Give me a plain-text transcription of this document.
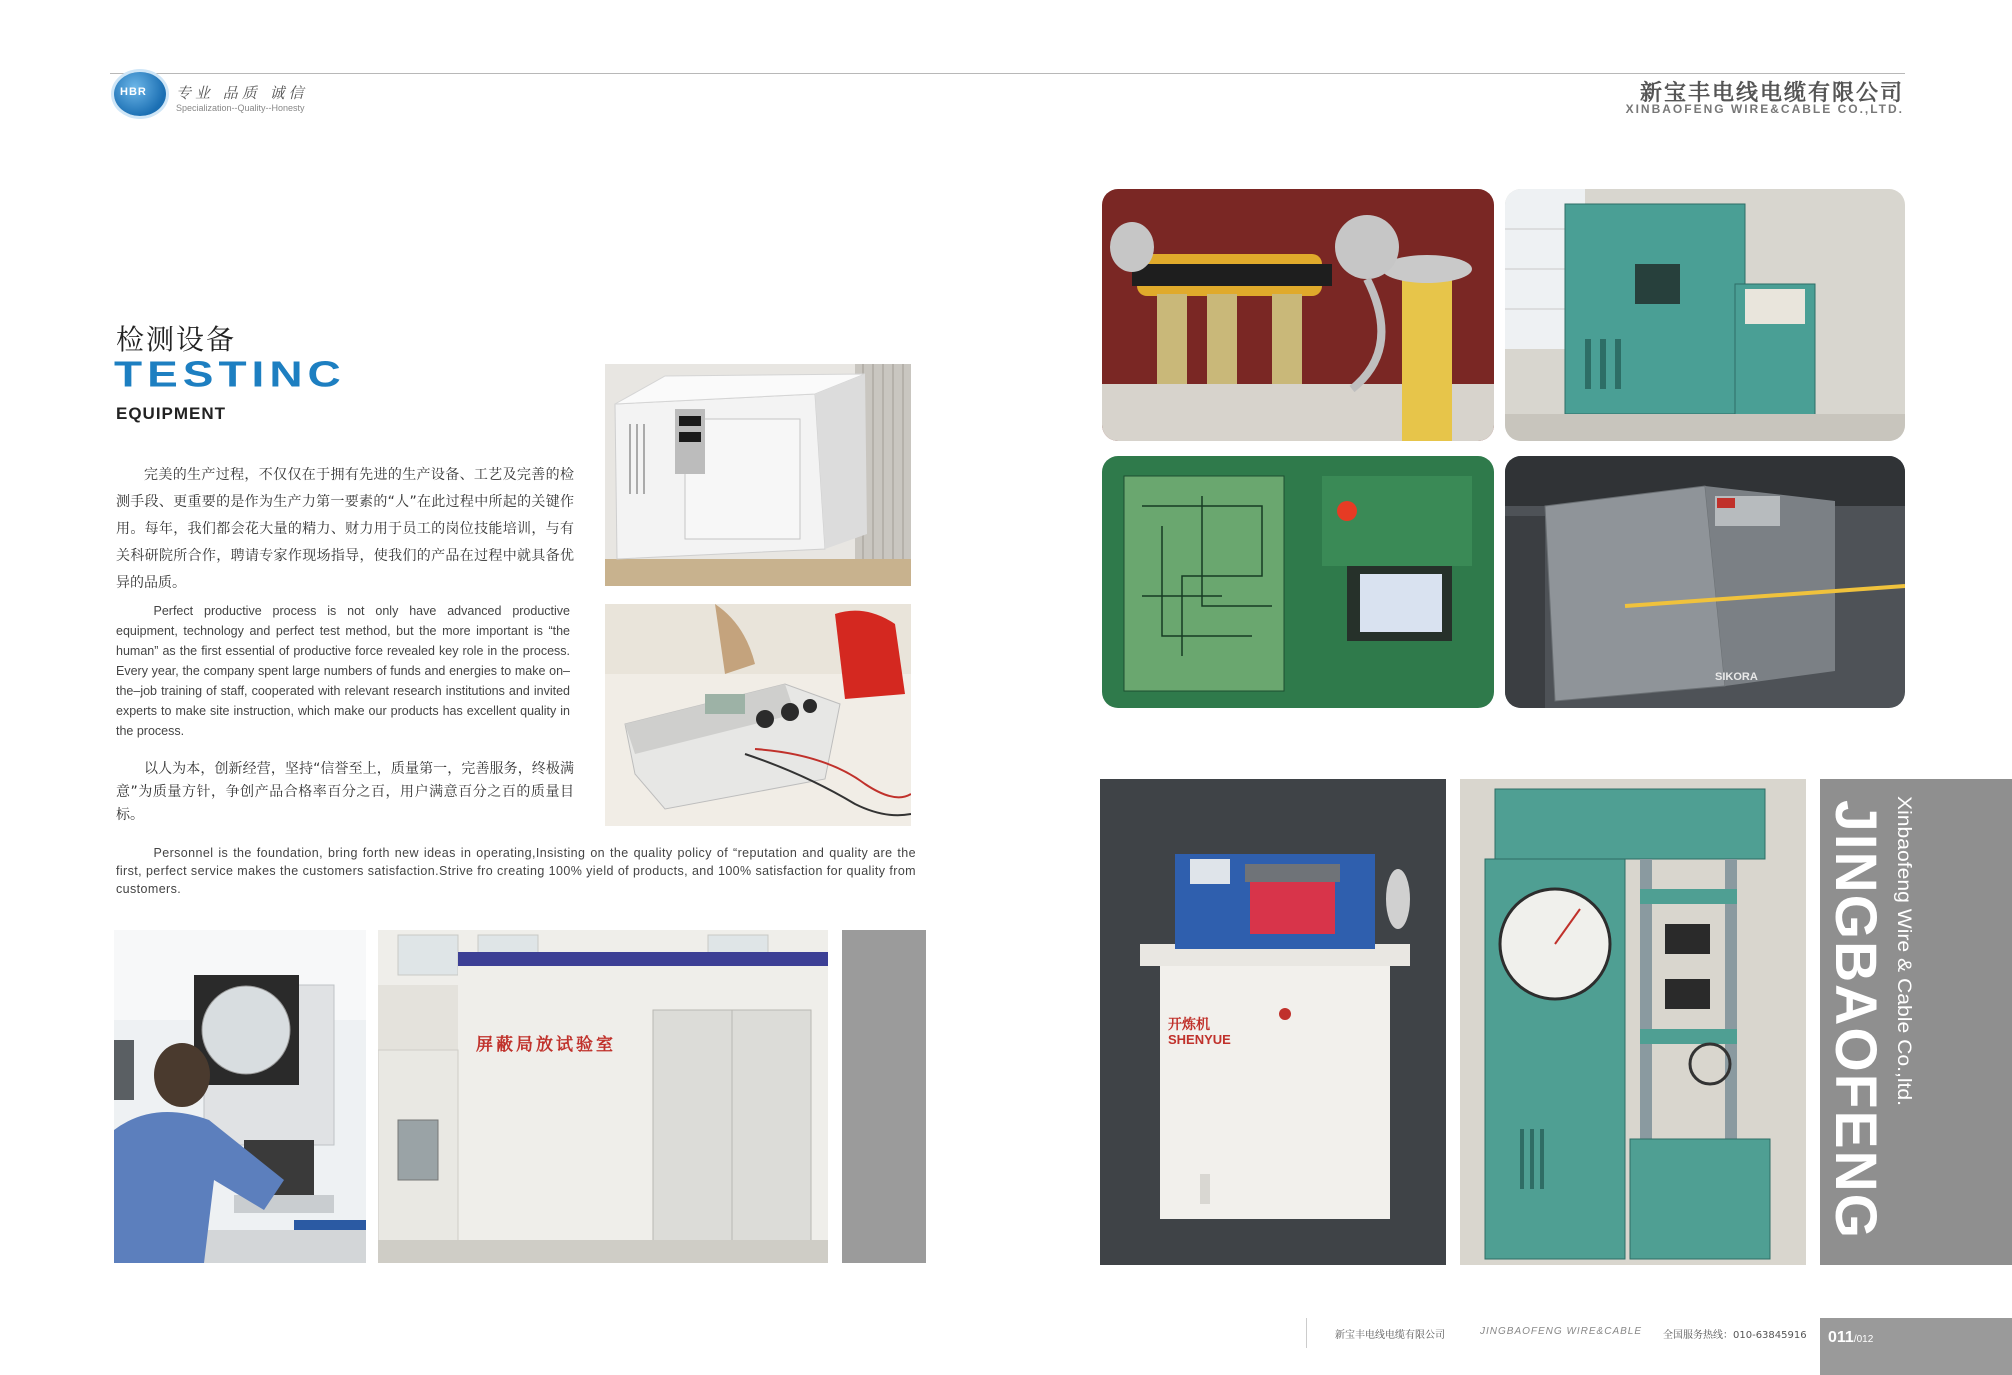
HBR 专业 品质 诚信
Specialization--Quality--Honesty
新宝丰电线电缆有限公司
XINBAOFENG WIRE&CABLE CO.,LTD.
检测设备
TESTINC
EQUIPMENT
完美的生产过程，不仅仅在于拥有先进的生产设备、工艺及完善的检测手段、更重要的是作为生产力第一要素的“人”在此过程中所起的关键作用。每年，我们都会花大量的精力、财力用于员工的岗位技能培训，与有关科研院所合作，聘请专家作现场指导，使我们的产品在过程中就具备优异的品质。
Perfect productive process is not only have advanced productive equipment, technology and perfect test method, but the more important is “the human” as the first essential of productive force revealed key role in the process. Every year, the company spent large numbers of funds and energies to make on–the–job training of staff, cooperated with relevant research institutions and invited experts to make site instruction, which make our products has excellent quality in the process.
以人为本，创新经营，坚持“信誉至上，质量第一，完善服务，终极满意”为质量方针，争创产品合格率百分之百，用户满意百分之百的质量目标。
Personnel is the foundation, bring forth new ideas in operating,Insisting on the quality policy of “reputation and quality are the first, perfect service makes the customers satisfaction.Strive fro creating 100% yield of products, and 100% satisfaction for quality from customers.
屏蔽局放试验室
SIKORA
开炼机
SHENYUE	JINGBAOFENG Xinbaofeng Wire & Cable Co.,ltd.
新宝丰电线电缆有限公司	JINGBAOFENG WIRE&CABLE 全国服务热线：010-63845916 011/012
